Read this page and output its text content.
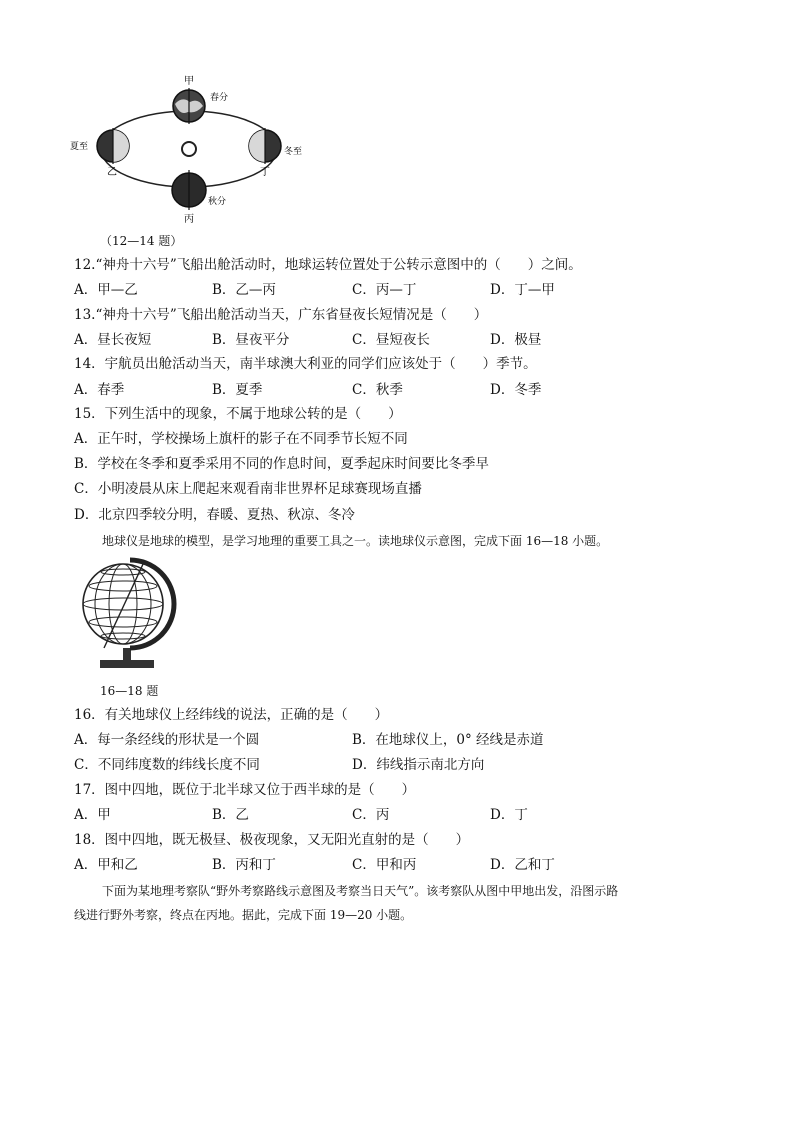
甲
春分
夏至
乙
冬至
丁
秋分
丙
（12—14 题）
12.“神舟十六号”飞船出舱活动时，地球运转位置处于公转示意图中的（　　）之间。
A．甲—乙	B．乙—丙	C．丙—丁	D．丁—甲
13.“神舟十六号”飞船出舱活动当天，广东省昼夜长短情况是（　　）
A．昼长夜短	B．昼夜平分	C．昼短夜长	D．极昼
14．宇航员出舱活动当天，南半球澳大利亚的同学们应该处于（　　）季节。
A．春季	B．夏季	C．秋季	D．冬季
15．下列生活中的现象，不属于地球公转的是（　　）
A．正午时，学校操场上旗杆的影子在不同季节长短不同
B．学校在冬季和夏季采用不同的作息时间，夏季起床时间要比冬季早
C．小明凌晨从床上爬起来观看南非世界杯足球赛现场直播
D．北京四季较分明，春暖、夏热、秋凉、冬冷
地球仪是地球的模型，是学习地理的重要工具之一。读地球仪示意图，完成下面 16—18 小题。
16—18 题
16．有关地球仪上经纬线的说法，正确的是（　　）
A．每一条经线的形状是一个圆	B．在地球仪上，0° 经线是赤道
C．不同纬度数的纬线长度不同	D．纬线指示南北方向
17．图中四地，既位于北半球又位于西半球的是（　　）
A．甲	B．乙	C．丙	D．丁
18．图中四地，既无极昼、极夜现象，又无阳光直射的是（　　）
A．甲和乙	B．丙和丁	C．甲和丙	D．乙和丁
下面为某地理考察队“野外考察路线示意图及考察当日天气”。该考察队从图中甲地出发，沿图示路
线进行野外考察，终点在丙地。据此，完成下面 19—20 小题。
